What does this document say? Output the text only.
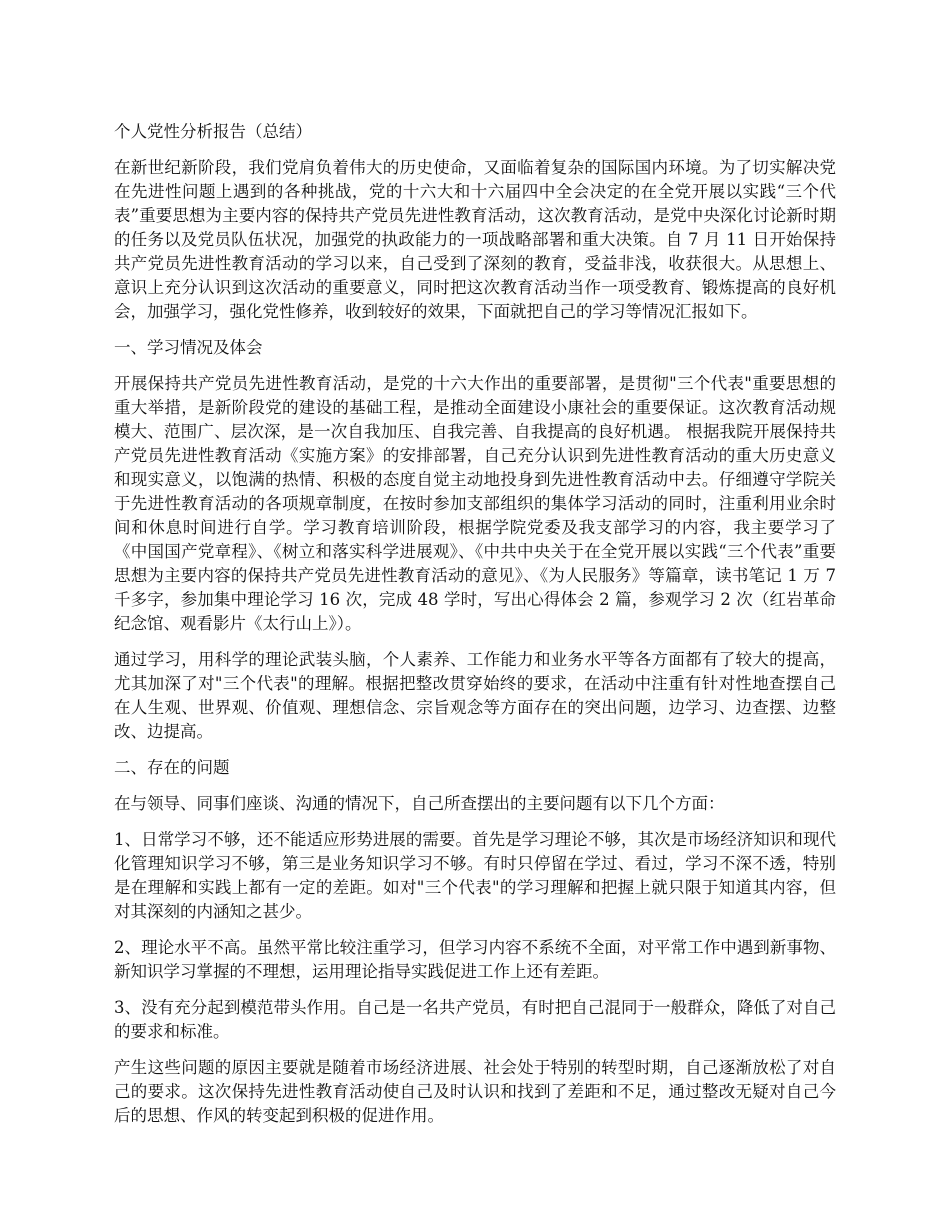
个人党性分析报告（总结）
在新世纪新阶段，我们党肩负着伟大的历史使命，又面临着复杂的国际国内环境。为了切实解决党在先进性问题上遇到的各种挑战，党的十六大和十六届四中全会决定的在全党开展以实践“三个代表”重要思想为主要内容的保持共产党员先进性教育活动，这次教育活动，是党中央深化讨论新时期的任务以及党员队伍状况，加强党的执政能力的一项战略部署和重大决策。自 7 月 11 日开始保持共产党员先进性教育活动的学习以来，自己受到了深刻的教育，受益非浅，收获很大。从思想上、意识上充分认识到这次活动的重要意义，同时把这次教育活动当作一项受教育、锻炼提高的良好机会，加强学习，强化党性修养，收到较好的效果，下面就把自己的学习等情况汇报如下。
一、学习情况及体会
开展保持共产党员先进性教育活动，是党的十六大作出的重要部署，是贯彻"三个代表"重要思想的重大举措，是新阶段党的建设的基础工程，是推动全面建设小康社会的重要保证。这次教育活动规模大、范围广、层次深，是一次自我加压、自我完善、自我提高的良好机遇。 根据我院开展保持共产党员先进性教育活动《实施方案》的安排部署，自己充分认识到先进性教育活动的重大历史意义和现实意义，以饱满的热情、积极的态度自觉主动地投身到先进性教育活动中去。仔细遵守学院关于先进性教育活动的各项规章制度，在按时参加支部组织的集体学习活动的同时，注重利用业余时间和休息时间进行自学。学习教育培训阶段，根据学院党委及我支部学习的内容，我主要学习了《中国国产党章程》、《树立和落实科学进展观》、《中共中央关于在全党开展以实践“三个代表”重要思想为主要内容的保持共产党员先进性教育活动的意见》、《为人民服务》等篇章，读书笔记 1 万 7 千多字，参加集中理论学习 16 次，完成 48 学时，写出心得体会 2 篇，参观学习 2 次（红岩革命纪念馆、观看影片《太行山上》）。
通过学习，用科学的理论武装头脑，个人素养、工作能力和业务水平等各方面都有了较大的提高，尤其加深了对"三个代表"的理解。根据把整改贯穿始终的要求，在活动中注重有针对性地查摆自己在人生观、世界观、价值观、理想信念、宗旨观念等方面存在的突出问题，边学习、边查摆、边整改、边提高。
二、存在的问题
在与领导、同事们座谈、沟通的情况下，自己所查摆出的主要问题有以下几个方面：
1、日常学习不够，还不能适应形势进展的需要。首先是学习理论不够，其次是市场经济知识和现代化管理知识学习不够，第三是业务知识学习不够。有时只停留在学过、看过，学习不深不透，特别是在理解和实践上都有一定的差距。如对"三个代表"的学习理解和把握上就只限于知道其内容，但对其深刻的内涵知之甚少。
2、理论水平不高。虽然平常比较注重学习，但学习内容不系统不全面，对平常工作中遇到新事物、新知识学习掌握的不理想，运用理论指导实践促进工作上还有差距。
3、没有充分起到模范带头作用。自己是一名共产党员，有时把自己混同于一般群众，降低了对自己的要求和标准。
产生这些问题的原因主要就是随着市场经济进展、社会处于特别的转型时期，自己逐渐放松了对自己的要求。这次保持先进性教育活动使自己及时认识和找到了差距和不足，通过整改无疑对自己今后的思想、作风的转变起到积极的促进作用。
